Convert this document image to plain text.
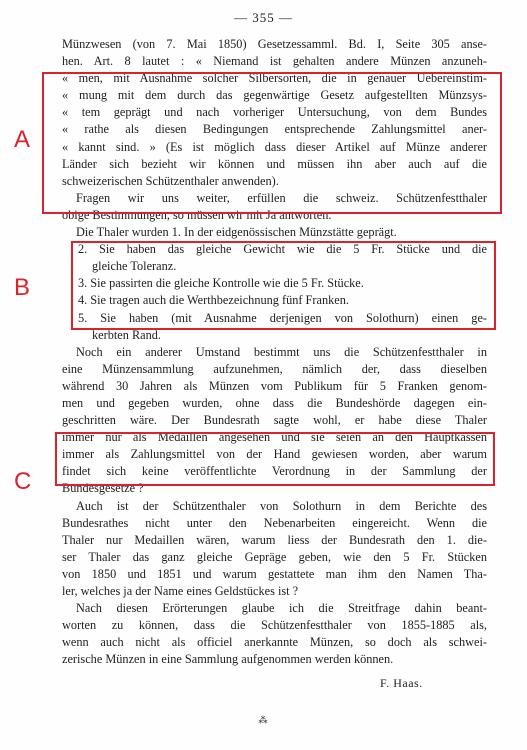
— 355 —
Münzwesen (von 7. Mai 1850) Gesetzessamml. Bd. I, Seite 305 anse-
hen. Art. 8 lautet : « Niemand ist gehalten andere Münzen anzuneh-
« men, mit Ausnahme solcher Silbersorten, die in genauer Uebereinstim-
« mung mit dem durch das gegenwärtige Gesetz aufgestellten Münzsys-
« tem geprägt und nach vorheriger Untersuchung, von dem Bundes
« rathe als diesen Bedingungen entsprechende Zahlungsmittel aner-
« kannt sind. » (Es ist möglich dass dieser Artikel auf Münze anderer
Länder sich bezieht wir können und müssen ihn aber auch auf die
schweizerischen Schützenthaler anwenden).
Fragen wir uns weiter, erfüllen die schweiz. Schützenfestthaler
obige Bestimmungen, so müssen wir mit Ja antworten.
Die Thaler wurden 1. In der eidgenössischen Münzstätte geprägt.
2. Sie haben das gleiche Gewicht wie die 5 Fr. Stücke und die
gleiche Toleranz.
3. Sie passirten die gleiche Kontrolle wie die 5 Fr. Stücke.
4. Sie tragen auch die Werthbezeichnung fünf Franken.
5. Sie haben (mit Ausnahme derjenigen von Solothurn) einen ge-
kerbten Rand.
Noch ein anderer Umstand bestimmt uns die Schützenfestthaler in
eine Münzensammlung aufzunehmen, nämlich der, dass dieselben
während 30 Jahren als Münzen vom Publikum für 5 Franken genom-
men und gegeben wurden, ohne dass die Bundeshörde dagegen ein-
geschritten wäre. Der Bundesrath sagte wohl, er habe diese Thaler
immer nur als Medaillen angesehen und sie seien an den Hauptkassen
immer als Zahlungsmittel von der Hand gewiesen worden, aber warum
findet sich keine veröffentlichte Verordnung in der Sammlung der
Bundesgesetze ?
Auch ist der Schützenthaler von Solothurn in dem Berichte des
Bundesrathes nicht unter den Nebenarbeiten eingereicht. Wenn die
Thaler nur Medaillen wären, warum liess der Bundesrath den 1. die-
ser Thaler das ganz gleiche Gepräge geben, wie den 5 Fr. Stücken
von 1850 und 1851 und warum gestattete man ihm den Namen Tha-
ler, welches ja der Name eines Geldstückes ist ?
Nach diesen Erörterungen glaube ich die Streitfrage dahin beant-
worten zu können, dass die Schützenfestthaler von 1855-1885 als,
wenn auch nicht als officiel anerkannte Münzen, so doch als schwei-
zerische Münzen in eine Sammlung aufgenommen werden können.
F. Haas.
⁂
A
B
C
